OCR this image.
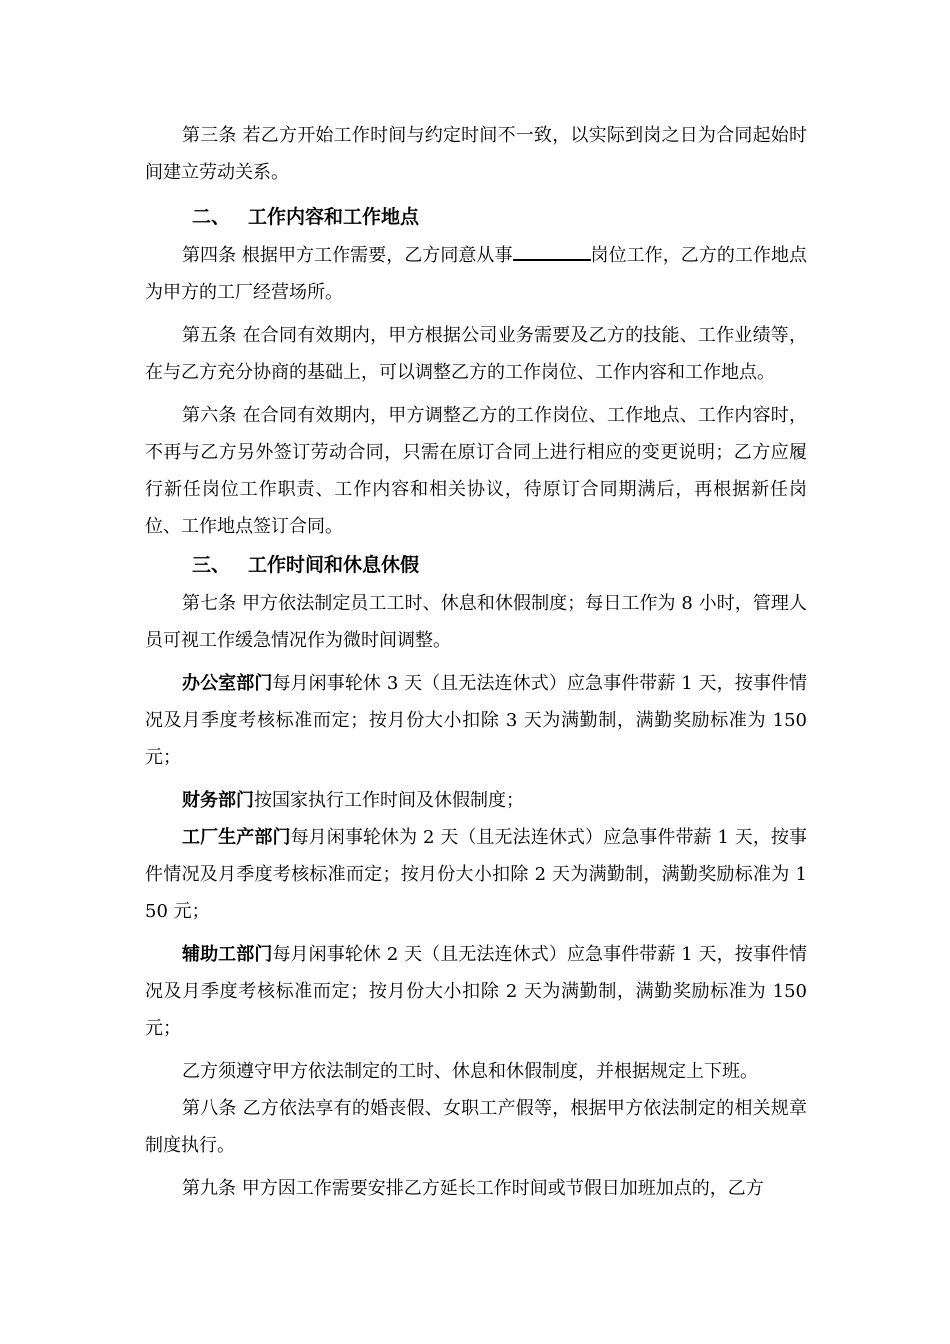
第三条 若乙方开始工作时间与约定时间不一致，以实际到岗之日为合同起始时间建立劳动关系。

二、 工作内容和工作地点

第四条 根据甲方工作需要，乙方同意从事	岗位工作，乙方的工作地点为甲方的工厂经营场所。

第五条 在合同有效期内，甲方根据公司业务需要及乙方的技能、工作业绩等，在与乙方充分协商的基础上，可以调整乙方的工作岗位、工作内容和工作地点。

第六条 在合同有效期内，甲方调整乙方的工作岗位、工作地点、工作内容时，不再与乙方另外签订劳动合同，只需在原订合同上进行相应的变更说明；乙方应履行新任岗位工作职责、工作内容和相关协议，待原订合同期满后，再根据新任岗位、工作地点签订合同。

三、 工作时间和休息休假

第七条 甲方依法制定员工工时、休息和休假制度；每日工作为 8 小时，管理人员可视工作缓急情况作为微时间调整。

办公室部门每月闲事轮休 3 天（且无法连休式）应急事件带薪 1 天，按事件情况及月季度考核标准而定；按月份大小扣除 3 天为满勤制，满勤奖励标准为 150 元；

财务部门按国家执行工作时间及休假制度；

工厂生产部门每月闲事轮休为 2 天（且无法连休式）应急事件带薪 1 天，按事件情况及月季度考核标准而定；按月份大小扣除 2 天为满勤制，满勤奖励标准为 150 元；

辅助工部门每月闲事轮休 2 天（且无法连休式）应急事件带薪 1 天，按事件情况及月季度考核标准而定；按月份大小扣除 2 天为满勤制，满勤奖励标准为 150 元；

乙方须遵守甲方依法制定的工时、休息和休假制度，并根据规定上下班。

第八条 乙方依法享有的婚丧假、女职工产假等，根据甲方依法制定的相关规章制度执行。

第九条 甲方因工作需要安排乙方延长工作时间或节假日加班加点的，乙方
